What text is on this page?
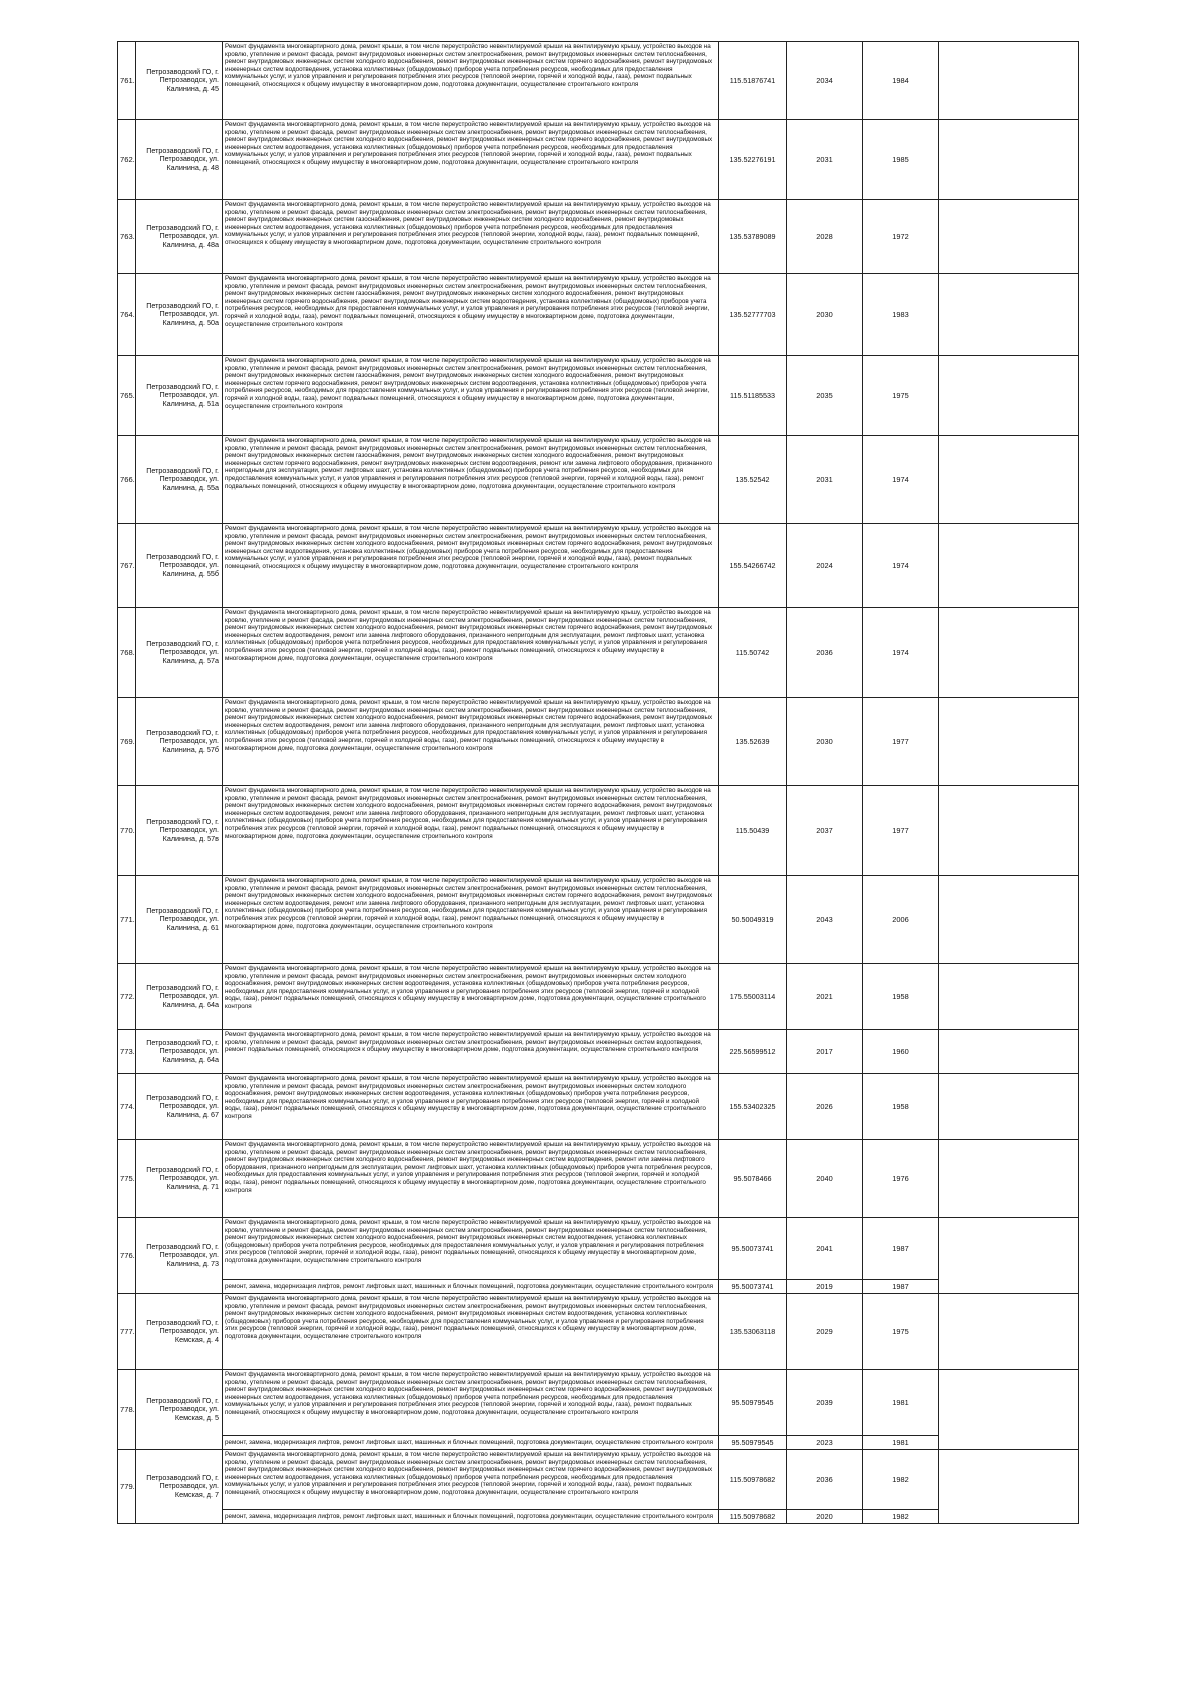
761.	Петрозаводский ГО, г. Петрозаводск, ул. Калинина, д. 45	Ремонт фундамента многоквартирного дома, ремонт крыши, в том числе переустройство невентилируемой крыши на вентилируемую крышу, устройство выходов на кровлю, утепление и ремонт фасада, ремонт внутридомовых инженерных систем электроснабжения, ремонт внутридомовых инженерных систем теплоснабжения, ремонт внутридомовых инженерных систем холодного водоснабжения, ремонт внутридомовых инженерных систем горячего водоснабжения, ремонт внутридомовых инженерных систем водоотведения, установка коллективных (общедомовых) приборов учета потребления ресурсов, необходимых для предоставления коммунальных услуг, и узлов управления и регулирования потребления этих ресурсов (тепловой энергии, горячей и холодной воды, газа), ремонт подвальных помещений, относящихся к общему имуществу в многоквартирном доме, подготовка документации, осуществление строительного контроля	115.51876741	2034	1984	
762.	Петрозаводский ГО, г. Петрозаводск, ул. Калинина, д. 48	Ремонт фундамента многоквартирного дома, ремонт крыши, в том числе переустройство невентилируемой крыши на вентилируемую крышу, устройство выходов на кровлю, утепление и ремонт фасада, ремонт внутридомовых инженерных систем электроснабжения, ремонт внутридомовых инженерных систем теплоснабжения, ремонт внутридомовых инженерных систем холодного водоснабжения, ремонт внутридомовых инженерных систем горячего водоснабжения, ремонт внутридомовых инженерных систем водоотведения, установка коллективных (общедомовых) приборов учета потребления ресурсов, необходимых для предоставления коммунальных услуг, и узлов управления и регулирования потребления этих ресурсов (тепловой энергии, горячей и холодной воды, газа), ремонт подвальных помещений, относящихся к общему имуществу в многоквартирном доме, подготовка документации, осуществление строительного контроля	135.52276191	2031	1985	
763.	Петрозаводский ГО, г. Петрозаводск, ул. Калинина, д. 48а	Ремонт фундамента многоквартирного дома, ремонт крыши, в том числе переустройство невентилируемой крыши на вентилируемую крышу, устройство выходов на кровлю, утепление и ремонт фасада, ремонт внутридомовых инженерных систем электроснабжения, ремонт внутридомовых инженерных систем теплоснабжения, ремонт внутридомовых инженерных систем газоснабжения, ремонт внутридомовых инженерных систем холодного водоснабжения, ремонт внутридомовых инженерных систем водоотведения, установка коллективных (общедомовых) приборов учета потребления ресурсов, необходимых для предоставления коммунальных услуг, и узлов управления и регулирования потребления этих ресурсов (тепловой энергии, холодной воды, газа), ремонт подвальных помещений, относящихся к общему имуществу в многоквартирном доме, подготовка документации, осуществление строительного контроля	135.53789089	2028	1972	
764.	Петрозаводский ГО, г. Петрозаводск, ул. Калинина, д. 50а	Ремонт фундамента многоквартирного дома, ремонт крыши, в том числе переустройство невентилируемой крыши на вентилируемую крышу, устройство выходов на кровлю, утепление и ремонт фасада, ремонт внутридомовых инженерных систем электроснабжения, ремонт внутридомовых инженерных систем теплоснабжения, ремонт внутридомовых инженерных систем газоснабжения, ремонт внутридомовых инженерных систем холодного водоснабжения, ремонт внутридомовых инженерных систем горячего водоснабжения, ремонт внутридомовых инженерных систем водоотведения, установка коллективных (общедомовых) приборов учета потребления ресурсов, необходимых для предоставления коммунальных услуг, и узлов управления и регулирования потребления этих ресурсов (тепловой энергии, горячей и холодной воды, газа), ремонт подвальных помещений, относящихся к общему имуществу в многоквартирном доме, подготовка документации, осуществление строительного контроля	135.52777703	2030	1983	
765.	Петрозаводский ГО, г. Петрозаводск, ул. Калинина, д. 51а	Ремонт фундамента многоквартирного дома, ремонт крыши, в том числе переустройство невентилируемой крыши на вентилируемую крышу, устройство выходов на кровлю, утепление и ремонт фасада, ремонт внутридомовых инженерных систем электроснабжения, ремонт внутридомовых инженерных систем теплоснабжения, ремонт внутридомовых инженерных систем газоснабжения, ремонт внутридомовых инженерных систем холодного водоснабжения, ремонт внутридомовых инженерных систем горячего водоснабжения, ремонт внутридомовых инженерных систем водоотведения, установка коллективных (общедомовых) приборов учета потребления ресурсов, необходимых для предоставления коммунальных услуг, и узлов управления и регулирования потребления этих ресурсов (тепловой энергии, горячей и холодной воды, газа), ремонт подвальных помещений, относящихся к общему имуществу в многоквартирном доме, подготовка документации, осуществление строительного контроля	115.51185533	2035	1975	
766.	Петрозаводский ГО, г. Петрозаводск, ул. Калинина, д. 55а	Ремонт фундамента многоквартирного дома, ремонт крыши, в том числе переустройство невентилируемой крыши на вентилируемую крышу, устройство выходов на кровлю, утепление и ремонт фасада, ремонт внутридомовых инженерных систем электроснабжения, ремонт внутридомовых инженерных систем теплоснабжения, ремонт внутридомовых инженерных систем газоснабжения, ремонт внутридомовых инженерных систем холодного водоснабжения, ремонт внутридомовых инженерных систем горячего водоснабжения, ремонт внутридомовых инженерных систем водоотведения, ремонт или замена лифтового оборудования, признанного непригодным для эксплуатации, ремонт лифтовых шахт, установка коллективных (общедомовых) приборов учета потребления ресурсов, необходимых для предоставления коммунальных услуг, и узлов управления и регулирования потребления этих ресурсов (тепловой энергии, горячей и холодной воды, газа), ремонт подвальных помещений, относящихся к общему имуществу в многоквартирном доме, подготовка документации, осуществление строительного контроля	135.52542	2031	1974	
767.	Петрозаводский ГО, г. Петрозаводск, ул. Калинина, д. 55б	Ремонт фундамента многоквартирного дома, ремонт крыши, в том числе переустройство невентилируемой крыши на вентилируемую крышу, устройство выходов на кровлю, утепление и ремонт фасада, ремонт внутридомовых инженерных систем электроснабжения, ремонт внутридомовых инженерных систем теплоснабжения, ремонт внутридомовых инженерных систем холодного водоснабжения, ремонт внутридомовых инженерных систем горячего водоснабжения, ремонт внутридомовых инженерных систем водоотведения, установка коллективных (общедомовых) приборов учета потребления ресурсов, необходимых для предоставления коммунальных услуг, и узлов управления и регулирования потребления этих ресурсов (тепловой энергии, горячей и холодной воды, газа), ремонт подвальных помещений, относящихся к общему имуществу в многоквартирном доме, подготовка документации, осуществление строительного контроля	155.54266742	2024	1974	
768.	Петрозаводский ГО, г. Петрозаводск, ул. Калинина, д. 57а	Ремонт фундамента многоквартирного дома, ремонт крыши, в том числе переустройство невентилируемой крыши на вентилируемую крышу, устройство выходов на кровлю, утепление и ремонт фасада, ремонт внутридомовых инженерных систем электроснабжения, ремонт внутридомовых инженерных систем теплоснабжения, ремонт внутридомовых инженерных систем холодного водоснабжения, ремонт внутридомовых инженерных систем горячего водоснабжения, ремонт внутридомовых инженерных систем водоотведения, ремонт или замена лифтового оборудования, признанного непригодным для эксплуатации, ремонт лифтовых шахт, установка коллективных (общедомовых) приборов учета потребления ресурсов, необходимых для предоставления коммунальных услуг, и узлов управления и регулирования потребления этих ресурсов (тепловой энергии, горячей и холодной воды, газа), ремонт подвальных помещений, относящихся к общему имуществу в многоквартирном доме, подготовка документации, осуществление строительного контроля	115.50742	2036	1974	
769.	Петрозаводский ГО, г. Петрозаводск, ул. Калинина, д. 57б	Ремонт фундамента многоквартирного дома, ремонт крыши, в том числе переустройство невентилируемой крыши на вентилируемую крышу, устройство выходов на кровлю, утепление и ремонт фасада, ремонт внутридомовых инженерных систем электроснабжения, ремонт внутридомовых инженерных систем теплоснабжения, ремонт внутридомовых инженерных систем холодного водоснабжения, ремонт внутридомовых инженерных систем горячего водоснабжения, ремонт внутридомовых инженерных систем водоотведения, ремонт или замена лифтового оборудования, признанного непригодным для эксплуатации, ремонт лифтовых шахт, установка коллективных (общедомовых) приборов учета потребления ресурсов, необходимых для предоставления коммунальных услуг, и узлов управления и регулирования потребления этих ресурсов (тепловой энергии, горячей и холодной воды, газа), ремонт подвальных помещений, относящихся к общему имуществу в многоквартирном доме, подготовка документации, осуществление строительного контроля	135.52639	2030	1977	
770.	Петрозаводский ГО, г. Петрозаводск, ул. Калинина, д. 57в	Ремонт фундамента многоквартирного дома, ремонт крыши, в том числе переустройство невентилируемой крыши на вентилируемую крышу, устройство выходов на кровлю, утепление и ремонт фасада, ремонт внутридомовых инженерных систем электроснабжения, ремонт внутридомовых инженерных систем теплоснабжения, ремонт внутридомовых инженерных систем холодного водоснабжения, ремонт внутридомовых инженерных систем горячего водоснабжения, ремонт внутридомовых инженерных систем водоотведения, ремонт или замена лифтового оборудования, признанного непригодным для эксплуатации, ремонт лифтовых шахт, установка коллективных (общедомовых) приборов учета потребления ресурсов, необходимых для предоставления коммунальных услуг, и узлов управления и регулирования потребления этих ресурсов (тепловой энергии, горячей и холодной воды, газа), ремонт подвальных помещений, относящихся к общему имуществу в многоквартирном доме, подготовка документации, осуществление строительного контроля	115.50439	2037	1977	
771.	Петрозаводский ГО, г. Петрозаводск, ул. Калинина, д. 61	Ремонт фундамента многоквартирного дома, ремонт крыши, в том числе переустройство невентилируемой крыши на вентилируемую крышу, устройство выходов на кровлю, утепление и ремонт фасада, ремонт внутридомовых инженерных систем электроснабжения, ремонт внутридомовых инженерных систем теплоснабжения, ремонт внутридомовых инженерных систем холодного водоснабжения, ремонт внутридомовых инженерных систем горячего водоснабжения, ремонт внутридомовых инженерных систем водоотведения, ремонт или замена лифтового оборудования, признанного непригодным для эксплуатации, ремонт лифтовых шахт, установка коллективных (общедомовых) приборов учета потребления ресурсов, необходимых для предоставления коммунальных услуг, и узлов управления и регулирования потребления этих ресурсов (тепловой энергии, горячей и холодной воды, газа), ремонт подвальных помещений, относящихся к общему имуществу в многоквартирном доме, подготовка документации, осуществление строительного контроля	50.50049319	2043	2006	
772.	Петрозаводский ГО, г. Петрозаводск, ул. Калинина, д. 64а	Ремонт фундамента многоквартирного дома, ремонт крыши, в том числе переустройство невентилируемой крыши на вентилируемую крышу, устройство выходов на кровлю, утепление и ремонт фасада, ремонт внутридомовых инженерных систем электроснабжения, ремонт внутридомовых инженерных систем холодного водоснабжения, ремонт внутридомовых инженерных систем водоотведения, установка коллективных (общедомовых) приборов учета потребления ресурсов, необходимых для предоставления коммунальных услуг, и узлов управления и регулирования потребления этих ресурсов (тепловой энергии, горячей и холодной воды, газа), ремонт подвальных помещений, относящихся к общему имуществу в многоквартирном доме, подготовка документации, осуществление строительного контроля	175.55003114	2021	1958	
773.	Петрозаводский ГО, г. Петрозаводск, ул. Калинина, д. 64а	Ремонт фундамента многоквартирного дома, ремонт крыши, в том числе переустройство невентилируемой крыши на вентилируемую крышу, устройство выходов на кровлю, утепление и ремонт фасада, ремонт внутридомовых инженерных систем электроснабжения, ремонт внутридомовых инженерных систем водоотведения, ремонт подвальных помещений, относящихся к общему имуществу в многоквартирном доме, подготовка документации, осуществление строительного контроля	225.56599512	2017	1960	
774.	Петрозаводский ГО, г. Петрозаводск, ул. Калинина, д. 67	Ремонт фундамента многоквартирного дома, ремонт крыши, в том числе переустройство невентилируемой крыши на вентилируемую крышу, устройство выходов на кровлю, утепление и ремонт фасада, ремонт внутридомовых инженерных систем электроснабжения, ремонт внутридомовых инженерных систем холодного водоснабжения, ремонт внутридомовых инженерных систем водоотведения, установка коллективных (общедомовых) приборов учета потребления ресурсов, необходимых для предоставления коммунальных услуг, и узлов управления и регулирования потребления этих ресурсов (тепловой энергии, горячей и холодной воды, газа), ремонт подвальных помещений, относящихся к общему имуществу в многоквартирном доме, подготовка документации, осуществление строительного контроля	155.53402325	2026	1958	
775.	Петрозаводский ГО, г. Петрозаводск, ул. Калинина, д. 71	Ремонт фундамента многоквартирного дома, ремонт крыши, в том числе переустройство невентилируемой крыши на вентилируемую крышу, устройство выходов на кровлю, утепление и ремонт фасада, ремонт внутридомовых инженерных систем электроснабжения, ремонт внутридомовых инженерных систем теплоснабжения, ремонт внутридомовых инженерных систем холодного водоснабжения, ремонт внутридомовых инженерных систем водоотведения, ремонт или замена лифтового оборудования, признанного непригодным для эксплуатации, ремонт лифтовых шахт, установка коллективных (общедомовых) приборов учета потребления ресурсов, необходимых для предоставления коммунальных услуг, и узлов управления и регулирования потребления этих ресурсов (тепловой энергии, горячей и холодной воды, газа), ремонт подвальных помещений, относящихся к общему имуществу в многоквартирном доме, подготовка документации, осуществление строительного контроля	95.5078466	2040	1976	
776.	Петрозаводский ГО, г. Петрозаводск, ул. Калинина, д. 73	Ремонт фундамента многоквартирного дома, ремонт крыши, в том числе переустройство невентилируемой крыши на вентилируемую крышу, устройство выходов на кровлю, утепление и ремонт фасада, ремонт внутридомовых инженерных систем электроснабжения, ремонт внутридомовых инженерных систем теплоснабжения, ремонт внутридомовых инженерных систем холодного водоснабжения, ремонт внутридомовых инженерных систем водоотведения, установка коллективных (общедомовых) приборов учета потребления ресурсов, необходимых для предоставления коммунальных услуг, и узлов управления и регулирования потребления этих ресурсов (тепловой энергии, горячей и холодной воды, газа), ремонт подвальных помещений, относящихся к общему имуществу в многоквартирном доме, подготовка документации, осуществление строительного контроля	95.50073741	2041	1987	
		ремонт, замена, модернизация лифтов, ремонт лифтовых шахт, машинных и блочных помещений, подготовка документации, осуществление строительного контроля	95.50073741	2019	1987	
777.	Петрозаводский ГО, г. Петрозаводск, ул. Кемская, д. 4	Ремонт фундамента многоквартирного дома, ремонт крыши, в том числе переустройство невентилируемой крыши на вентилируемую крышу, устройство выходов на кровлю, утепление и ремонт фасада, ремонт внутридомовых инженерных систем электроснабжения, ремонт внутридомовых инженерных систем теплоснабжения, ремонт внутридомовых инженерных систем холодного водоснабжения, ремонт внутридомовых инженерных систем водоотведения, установка коллективных (общедомовых) приборов учета потребления ресурсов, необходимых для предоставления коммунальных услуг, и узлов управления и регулирования потребления этих ресурсов (тепловой энергии, горячей и холодной воды, газа), ремонт подвальных помещений, относящихся к общему имуществу в многоквартирном доме, подготовка документации, осуществление строительного контроля	135.53063118	2029	1975	
778.	Петрозаводский ГО, г. Петрозаводск, ул. Кемская, д. 5	Ремонт фундамента многоквартирного дома, ремонт крыши, в том числе переустройство невентилируемой крыши на вентилируемую крышу, устройство выходов на кровлю, утепление и ремонт фасада, ремонт внутридомовых инженерных систем электроснабжения, ремонт внутридомовых инженерных систем теплоснабжения, ремонт внутридомовых инженерных систем холодного водоснабжения, ремонт внутридомовых инженерных систем горячего водоснабжения, ремонт внутридомовых инженерных систем водоотведения, установка коллективных (общедомовых) приборов учета потребления ресурсов, необходимых для предоставления коммунальных услуг, и узлов управления и регулирования потребления этих ресурсов (тепловой энергии, горячей и холодной воды, газа), ремонт подвальных помещений, относящихся к общему имуществу в многоквартирном доме, подготовка документации, осуществление строительного контроля	95.50979545	2039	1981	
		ремонт, замена, модернизация лифтов, ремонт лифтовых шахт, машинных и блочных помещений, подготовка документации, осуществление строительного контроля	95.50979545	2023	1981	
779.	Петрозаводский ГО, г. Петрозаводск, ул. Кемская, д. 7	Ремонт фундамента многоквартирного дома, ремонт крыши, в том числе переустройство невентилируемой крыши на вентилируемую крышу, устройство выходов на кровлю, утепление и ремонт фасада, ремонт внутридомовых инженерных систем электроснабжения, ремонт внутридомовых инженерных систем теплоснабжения, ремонт внутридомовых инженерных систем холодного водоснабжения, ремонт внутридомовых инженерных систем горячего водоснабжения, ремонт внутридомовых инженерных систем водоотведения, установка коллективных (общедомовых) приборов учета потребления ресурсов, необходимых для предоставления коммунальных услуг, и узлов управления и регулирования потребления этих ресурсов (тепловой энергии, горячей и холодной воды, газа), ремонт подвальных помещений, относящихся к общему имуществу в многоквартирном доме, подготовка документации, осуществление строительного контроля	115.50978682	2036	1982	
		ремонт, замена, модернизация лифтов, ремонт лифтовых шахт, машинных и блочных помещений, подготовка документации, осуществление строительного контроля	115.50978682	2020	1982	
